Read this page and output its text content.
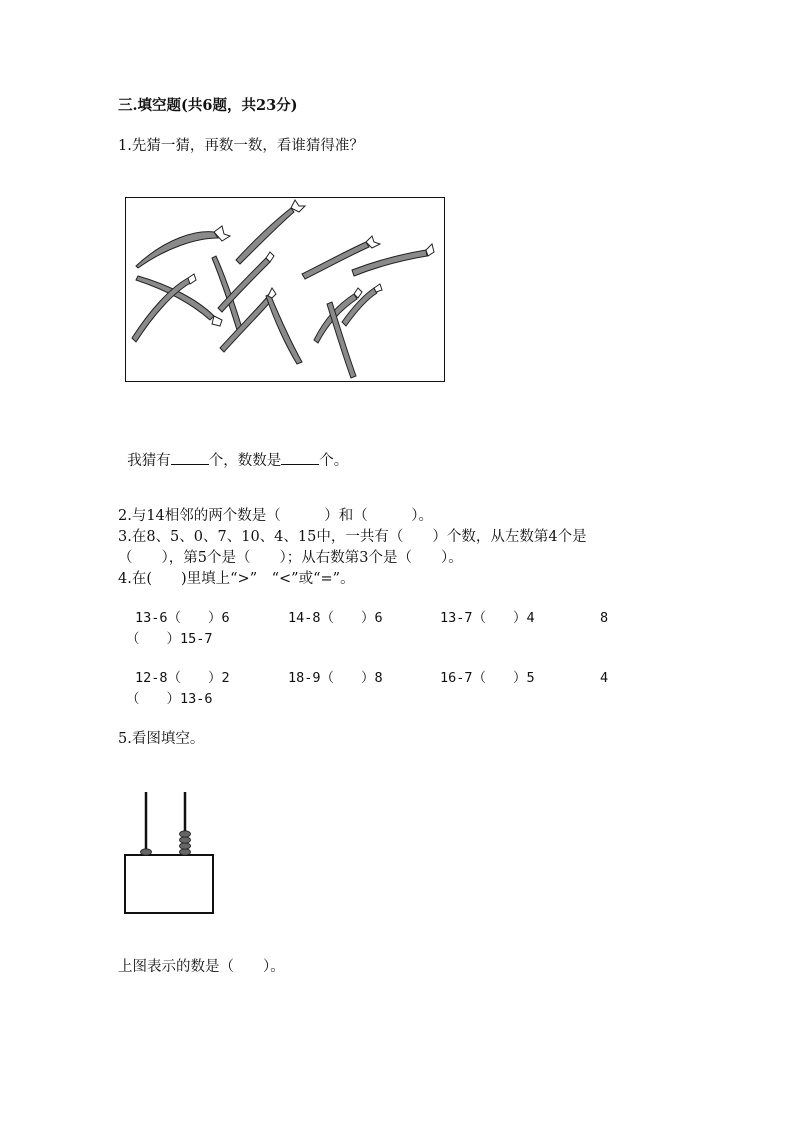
三.填空题(共6题，共23分)
1.先猜一猜，再数一数，看谁猜得准？

我猜有	个，数数是	个。

2.与14相邻的两个数是（　　　）和（　　　）。
3.在8、5、0、7、10、4、15中，一共有（　　）个数，从左数第4个是
（　　），第5个是（　　）；从右数第3个是（　　）。
4.在(　　)里填上“>”　“<”或“=”。
13-6（　　）6	14-8（　　）6	13-7（　　）4	8
（　　）15-7
12-8（　　）2	18-9（　　）8	16-7（　　）5	4
（　　）13-6
5.看图填空。
上图表示的数是（　　）。
